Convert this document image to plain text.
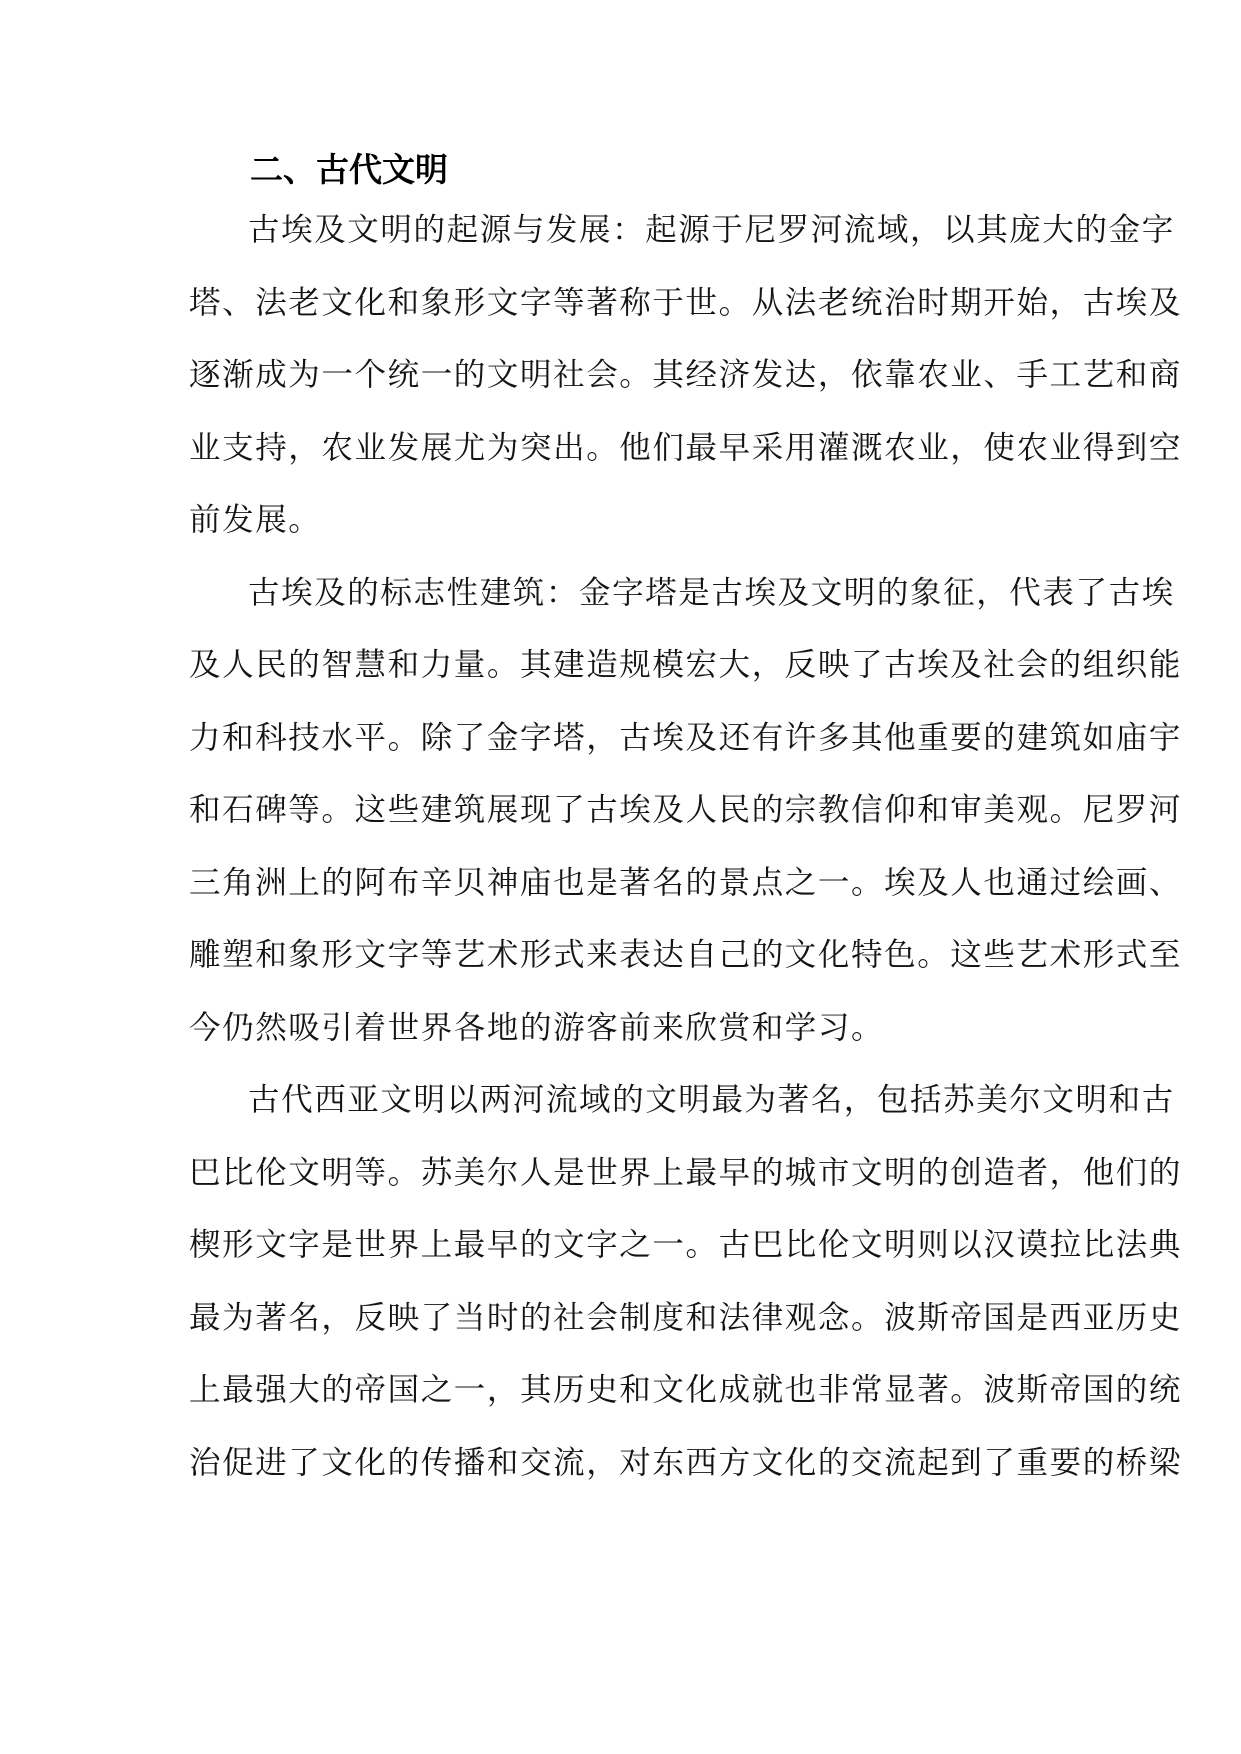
二、古代文明
古埃及文明的起源与发展：起源于尼罗河流域，以其庞大的金字
塔、法老文化和象形文字等著称于世。从法老统治时期开始，古埃及
逐渐成为一个统一的文明社会。其经济发达，依靠农业、手工艺和商
业支持，农业发展尤为突出。他们最早采用灌溉农业，使农业得到空
前发展。
古埃及的标志性建筑：金字塔是古埃及文明的象征，代表了古埃
及人民的智慧和力量。其建造规模宏大，反映了古埃及社会的组织能
力和科技水平。除了金字塔，古埃及还有许多其他重要的建筑如庙宇
和石碑等。这些建筑展现了古埃及人民的宗教信仰和审美观。尼罗河
三角洲上的阿布辛贝神庙也是著名的景点之一。埃及人也通过绘画、
雕塑和象形文字等艺术形式来表达自己的文化特色。这些艺术形式至
今仍然吸引着世界各地的游客前来欣赏和学习。
古代西亚文明以两河流域的文明最为著名，包括苏美尔文明和古
巴比伦文明等。苏美尔人是世界上最早的城市文明的创造者，他们的
楔形文字是世界上最早的文字之一。古巴比伦文明则以汉谟拉比法典
最为著名，反映了当时的社会制度和法律观念。波斯帝国是西亚历史
上最强大的帝国之一，其历史和文化成就也非常显著。波斯帝国的统
治促进了文化的传播和交流，对东西方文化的交流起到了重要的桥梁
